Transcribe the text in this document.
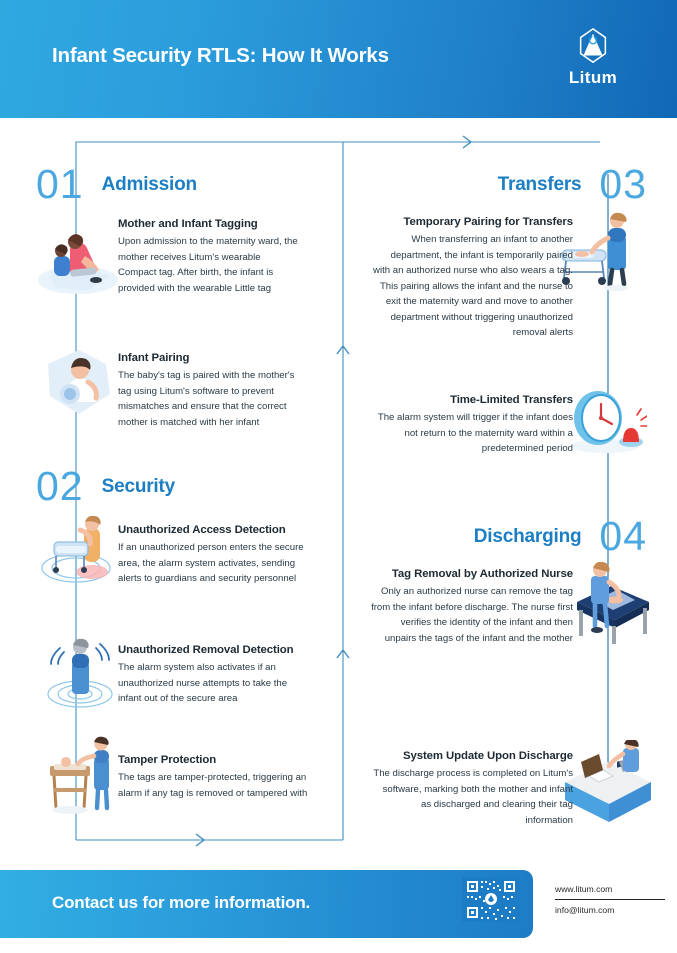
Infant Security RTLS: How It Works
Litum
01 Admission
Mother and Infant Tagging
Upon admission to the maternity ward, the mother receives Litum's wearable Compact tag. After birth, the infant is provided with the wearable Little tag
Infant Pairing
The baby's tag is paired with the mother's tag using Litum's software to prevent mismatches and ensure that the correct mother is matched with her infant
02 Security
Unauthorized Access Detection
If an unauthorized person enters the secure area, the alarm system activates, sending alerts to guardians and security personnel
Unauthorized Removal Detection
The alarm system also activates if an unauthorized nurse attempts to take the infant out of the secure area
Tamper Protection
The tags are tamper-protected, triggering an alarm if any tag is removed or tampered with
Transfers 03
Temporary Pairing for Transfers
When transferring an infant to another department, the infant is temporarily paired with an authorized nurse who also wears a tag. This pairing allows the infant and the nurse to exit the maternity ward and move to another department without triggering unauthorized removal alerts
Time-Limited Transfers
The alarm system will trigger if the infant does not return to the maternity ward within a predetermined period
Discharging 04
Tag Removal by Authorized Nurse
Only an authorized nurse can remove the tag from the infant before discharge. The nurse first verifies the identity of the infant and then unpairs the tags of the infant and the mother
System Update Upon Discharge
The discharge process is completed on Litum's software, marking both the mother and infant as discharged and clearing their tag information
Contact us for more information.
www.litum.com
info@litum.com
